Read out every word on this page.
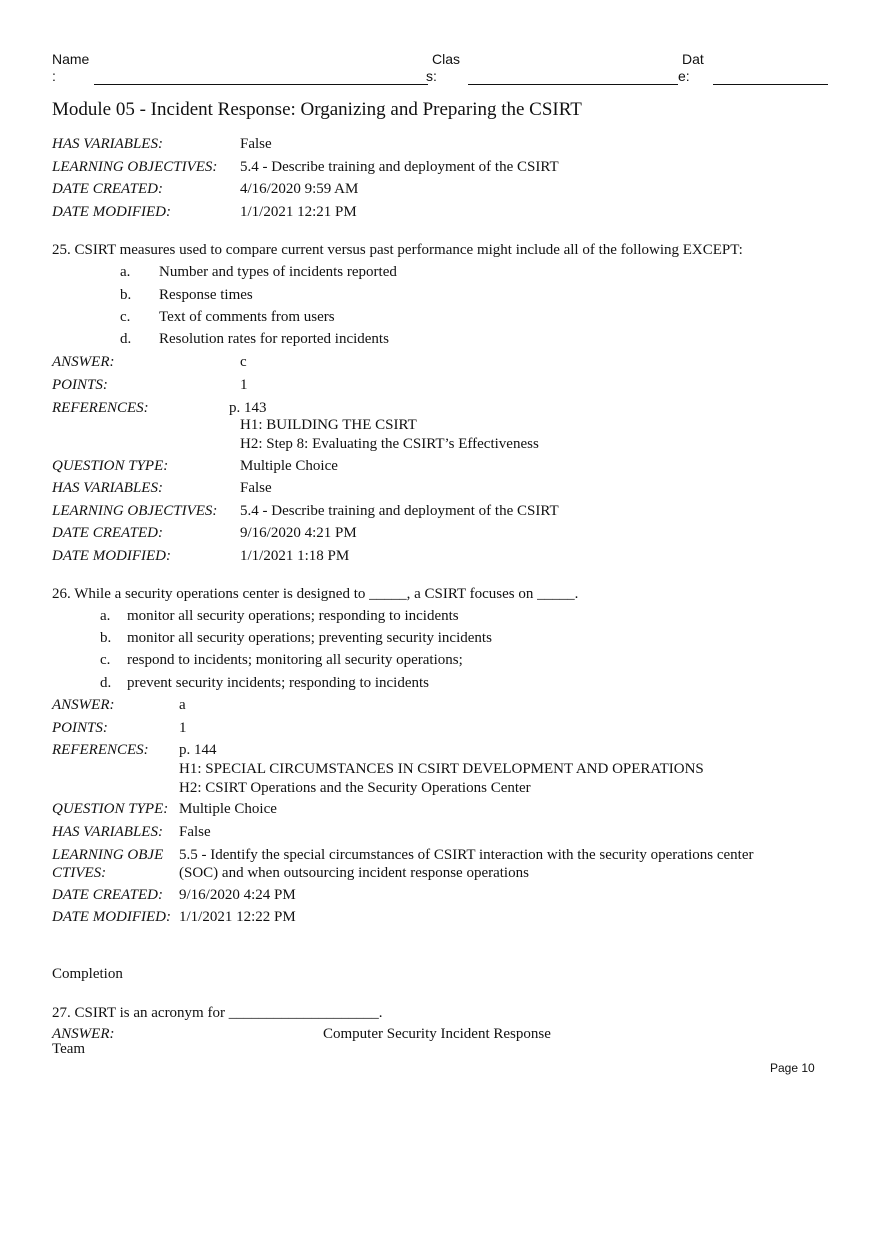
Name
:
Clas
s:
Dat
e:
Module 05 - Incident Response: Organizing and Preparing the CSIRT
HAS VARIABLES:	False
LEARNING OBJECTIVES: 5.4 - Describe training and deployment of the CSIRT
DATE CREATED:	4/16/2020 9:59 AM
DATE MODIFIED:	1/1/2021 12:21 PM
25. CSIRT measures used to compare current versus past performance might include all of the following EXCEPT:
a. Number and types of incidents reported
b. Response times
c. Text of comments from users
d. Resolution rates for reported incidents
ANSWER:	c
POINTS:	1
REFERENCES:	p. 143
H1: BUILDING THE CSIRT
H2: Step 8: Evaluating the CSIRT’s Effectiveness
QUESTION TYPE:	Multiple Choice
HAS VARIABLES:	False
LEARNING OBJECTIVES: 5.4 - Describe training and deployment of the CSIRT
DATE CREATED:	9/16/2020 4:21 PM
DATE MODIFIED:	1/1/2021 1:18 PM
26. While a security operations center is designed to _____, a CSIRT focuses on _____.
a. monitor all security operations; responding to incidents
b. monitor all security operations; preventing security incidents
c. respond to incidents; monitoring all security operations;
d. prevent security incidents; responding to incidents
ANSWER:	a
POINTS:	1
REFERENCES: p. 144
H1: SPECIAL CIRCUMSTANCES IN CSIRT DEVELOPMENT AND OPERATIONS
H2: CSIRT Operations and the Security Operations Center
QUESTION TYPE: Multiple Choice
HAS VARIABLES: False
LEARNING OBJE
CTIVES:
5.5 - Identify the special circumstances of CSIRT interaction with the security operations center
(SOC) and when outsourcing incident response operations
DATE CREATED: 9/16/2020 4:24 PM
DATE MODIFIED: 1/1/2021 12:22 PM
Completion
27. CSIRT is an acronym for ____________________.
ANSWER:	Computer Security Incident Response
Team
Page 10
